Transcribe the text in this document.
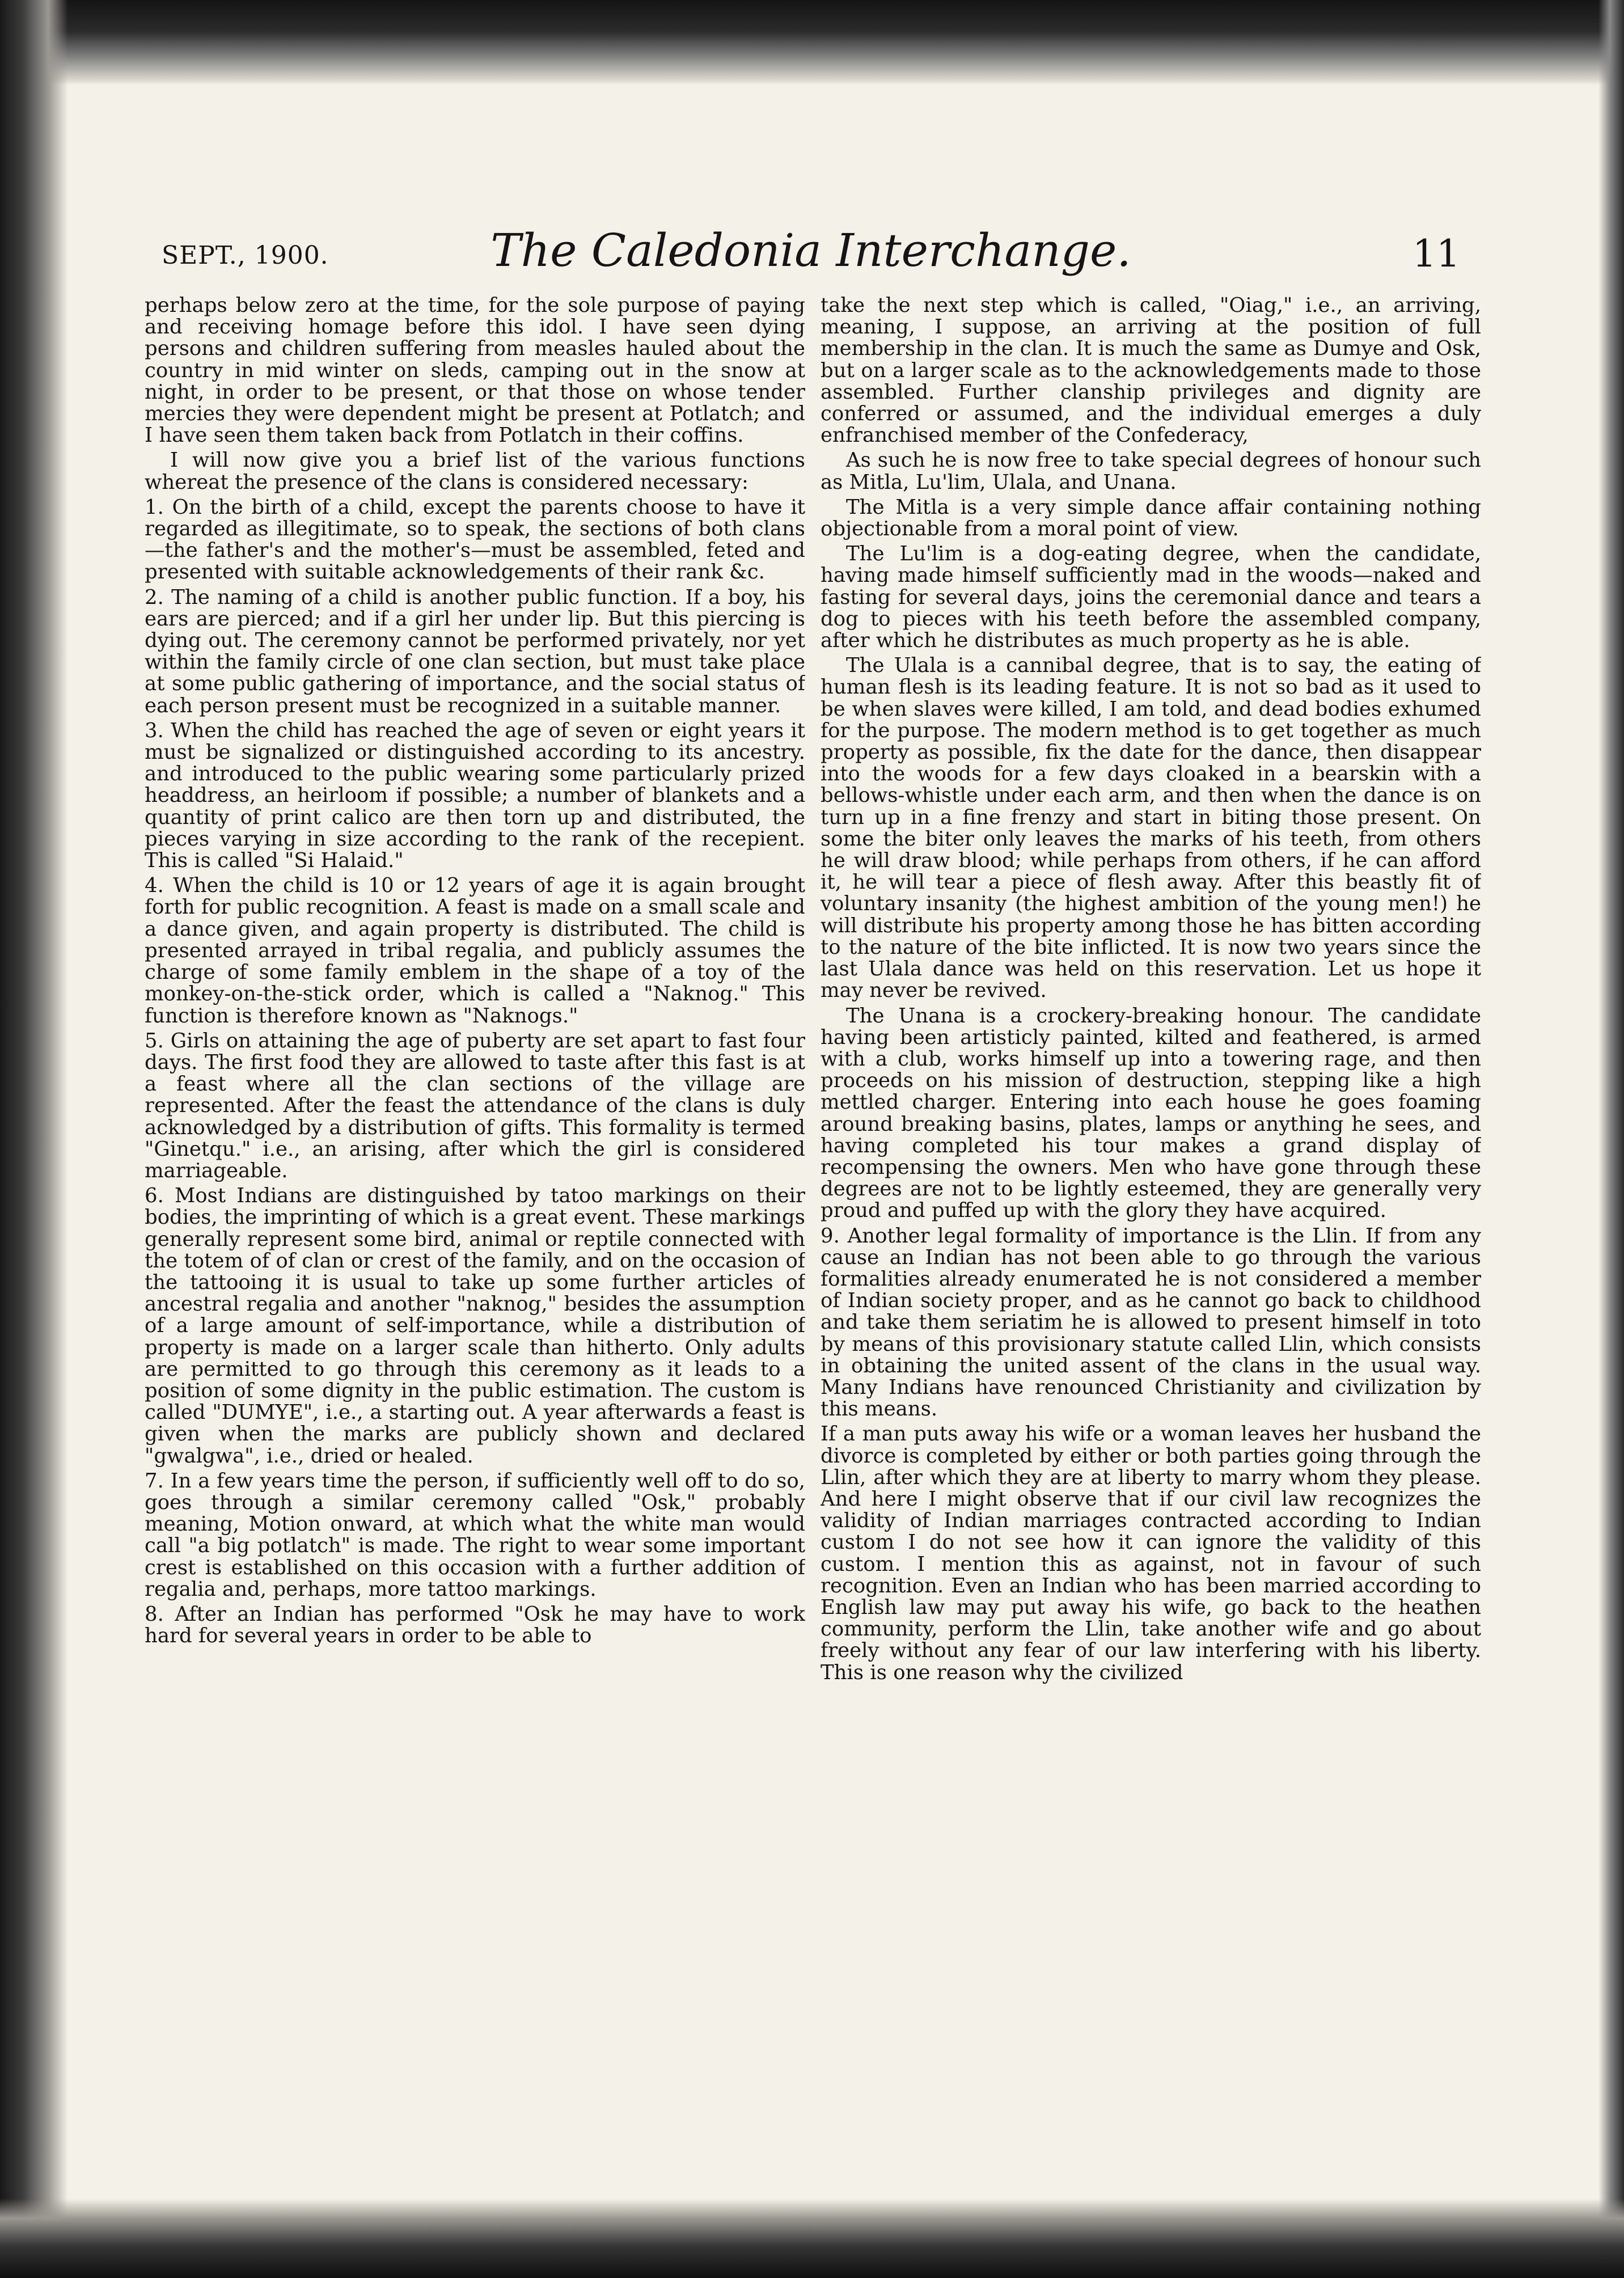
SEPT., 1900.	The Caledonia Interchange.	11

perhaps below zero at the time, for the sole purpose of paying and receiving homage before this idol. I have seen dying persons and children suffering from measles hauled about the country in mid winter on sleds, camping out in the snow at night, in order to be present, or that those on whose tender mercies they were dependent might be present at Potlatch; and I have seen them taken back from Potlatch in their coffins.

I will now give you a brief list of the various functions whereat the presence of the clans is considered necessary:

1. On the birth of a child, except the parents choose to have it regarded as illegitimate, so to speak, the sections of both clans—the father's and the mother's—must be assembled, feted and presented with suitable acknowledgements of their rank &c.

2. The naming of a child is another public function. If a boy, his ears are pierced; and if a girl her under lip. But this piercing is dying out. The ceremony cannot be performed privately, nor yet within the family circle of one clan section, but must take place at some public gathering of importance, and the social status of each person present must be recognized in a suitable manner.

3. When the child has reached the age of seven or eight years it must be signalized or distinguished according to its ancestry. and introduced to the public wearing some particularly prized headdress, an heirloom if possible; a number of blankets and a quantity of print calico are then torn up and distributed, the pieces varying in size according to the rank of the recepient. This is called "Si Halaid."

4. When the child is 10 or 12 years of age it is again brought forth for public recognition. A feast is made on a small scale and a dance given, and again property is distributed. The child is presented arrayed in tribal regalia, and publicly assumes the charge of some family emblem in the shape of a toy of the monkey-on-the-stick order, which is called a "Naknog." This function is therefore known as "Naknogs."

5. Girls on attaining the age of puberty are set apart to fast four days. The first food they are allowed to taste after this fast is at a feast where all the clan sections of the village are represented. After the feast the attendance of the clans is duly acknowledged by a distribution of gifts. This formality is termed "Ginetqu." i.e., an arising, after which the girl is considered marriageable.

6. Most Indians are distinguished by tatoo markings on their bodies, the imprinting of which is a great event. These markings generally represent some bird, animal or reptile connected with the totem of of clan or crest of the family, and on the occasion of the tattooing it is usual to take up some further articles of ancestral regalia and another "naknog," besides the assumption of a large amount of self-importance, while a distribution of property is made on a larger scale than hitherto. Only adults are permitted to go through this ceremony as it leads to a position of some dignity in the public estimation. The custom is called "DUMYE", i.e., a starting out. A year afterwards a feast is given when the marks are publicly shown and declared "gwalgwa", i.e., dried or healed.

7. In a few years time the person, if sufficiently well off to do so, goes through a similar ceremony called "Osk," probably meaning, Motion onward, at which what the white man would call "a big potlatch" is made. The right to wear some important crest is established on this occasion with a further addition of regalia and, perhaps, more tattoo markings.

8. After an Indian has performed "Osk he may have to work hard for several years in order to be able to

take the next step which is called, "Oiag," i.e., an arriving, meaning, I suppose, an arriving at the position of full membership in the clan. It is much the same as Dumye and Osk, but on a larger scale as to the acknowledgements made to those assembled. Further clanship privileges and dignity are conferred or assumed, and the individual emerges a duly enfranchised member of the Confederacy,

As such he is now free to take special degrees of honour such as Mitla, Lu'lim, Ulala, and Unana.

The Mitla is a very simple dance affair containing nothing objectionable from a moral point of view.

The Lu'lim is a dog-eating degree, when the candidate, having made himself sufficiently mad in the woods—naked and fasting for several days, joins the ceremonial dance and tears a dog to pieces with his teeth before the assembled company, after which he distributes as much property as he is able.

The Ulala is a cannibal degree, that is to say, the eating of human flesh is its leading feature. It is not so bad as it used to be when slaves were killed, I am told, and dead bodies exhumed for the purpose. The modern method is to get together as much property as possible, fix the date for the dance, then disappear into the woods for a few days cloaked in a bearskin with a bellows-whistle under each arm, and then when the dance is on turn up in a fine frenzy and start in biting those present. On some the biter only leaves the marks of his teeth, from others he will draw blood; while perhaps from others, if he can afford it, he will tear a piece of flesh away. After this beastly fit of voluntary insanity (the highest ambition of the young men!) he will distribute his property among those he has bitten according to the nature of the bite inflicted. It is now two years since the last Ulala dance was held on this reservation. Let us hope it may never be revived.

The Unana is a crockery-breaking honour. The candidate having been artisticly painted, kilted and feathered, is armed with a club, works himself up into a towering rage, and then proceeds on his mission of destruction, stepping like a high mettled charger. Entering into each house he goes foaming around breaking basins, plates, lamps or anything he sees, and having completed his tour makes a grand display of recompensing the owners. Men who have gone through these degrees are not to be lightly esteemed, they are generally very proud and puffed up with the glory they have acquired.

9. Another legal formality of importance is the Llin. If from any cause an Indian has not been able to go through the various formalities already enumerated he is not considered a member of Indian society proper, and as he cannot go back to childhood and take them seriatim he is allowed to present himself in toto by means of this provisionary statute called Llin, which consists in obtaining the united assent of the clans in the usual way. Many Indians have renounced Christianity and civilization by this means.

If a man puts away his wife or a woman leaves her husband the divorce is completed by either or both parties going through the Llin, after which they are at liberty to marry whom they please. And here I might observe that if our civil law recognizes the validity of Indian marriages contracted according to Indian custom I do not see how it can ignore the validity of this custom. I mention this as against, not in favour of such recognition. Even an Indian who has been married according to English law may put away his wife, go back to the heathen community, perform the Llin, take another wife and go about freely without any fear of our law interfering with his liberty. This is one reason why the civilized
